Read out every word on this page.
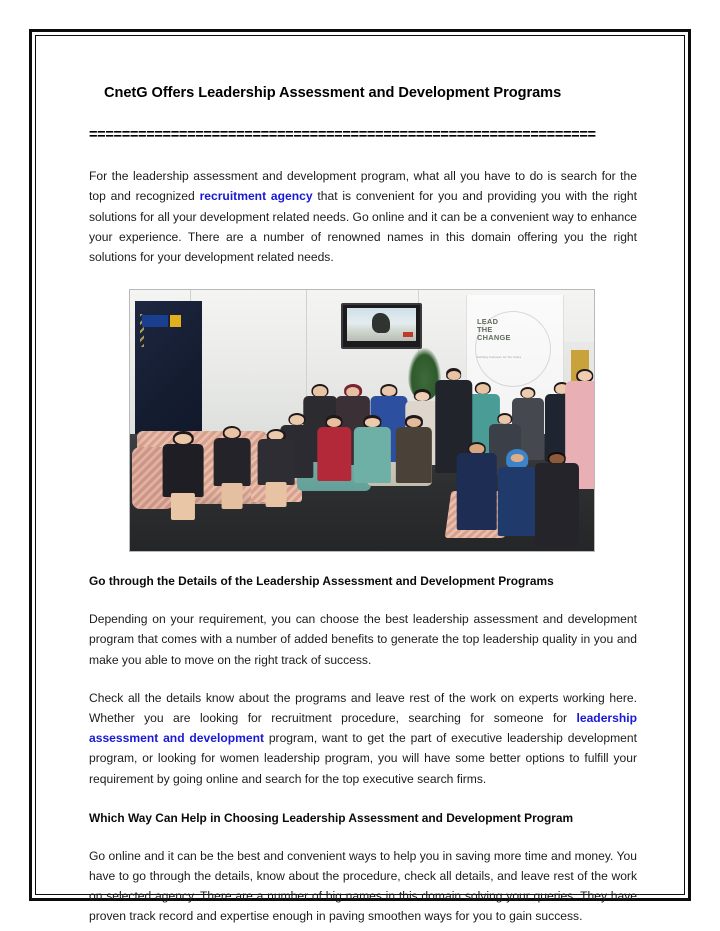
CnetG Offers Leadership Assessment and Development Programs
==============================================================

For the leadership assessment and development program, what all you have to do is search for the top and recognized recruitment agency that is convenient for you and providing you with the right solutions for all your development related needs. Go online and it can be a convenient way to enhance your experience. There are a number of renowned names in this domain offering you the right solutions for your development related needs.

LEAD
THE
CHANGE
building business for the future
Go through the Details of the Leadership Assessment and Development Programs

Depending on your requirement, you can choose the best leadership assessment and development program that comes with a number of added benefits to generate the top leadership quality in you and make you able to move on the right track of success.

Check all the details know about the programs and leave rest of the work on experts working here. Whether you are looking for recruitment procedure, searching for someone for leadership assessment and development program, want to get the part of executive leadership development program, or looking for women leadership program, you will have some better options to fulfill your requirement by going online and search for the top executive search firms.

Which Way Can Help in Choosing Leadership Assessment and Development Program

Go online and it can be the best and convenient ways to help you in saving more time and money. You have to go through the details, know about the procedure, check all details, and leave rest of the work on selected agency. There are a number of big names in this domain solving your queries. They have proven track record and expertise enough in paving smoothen ways for you to gain success.
